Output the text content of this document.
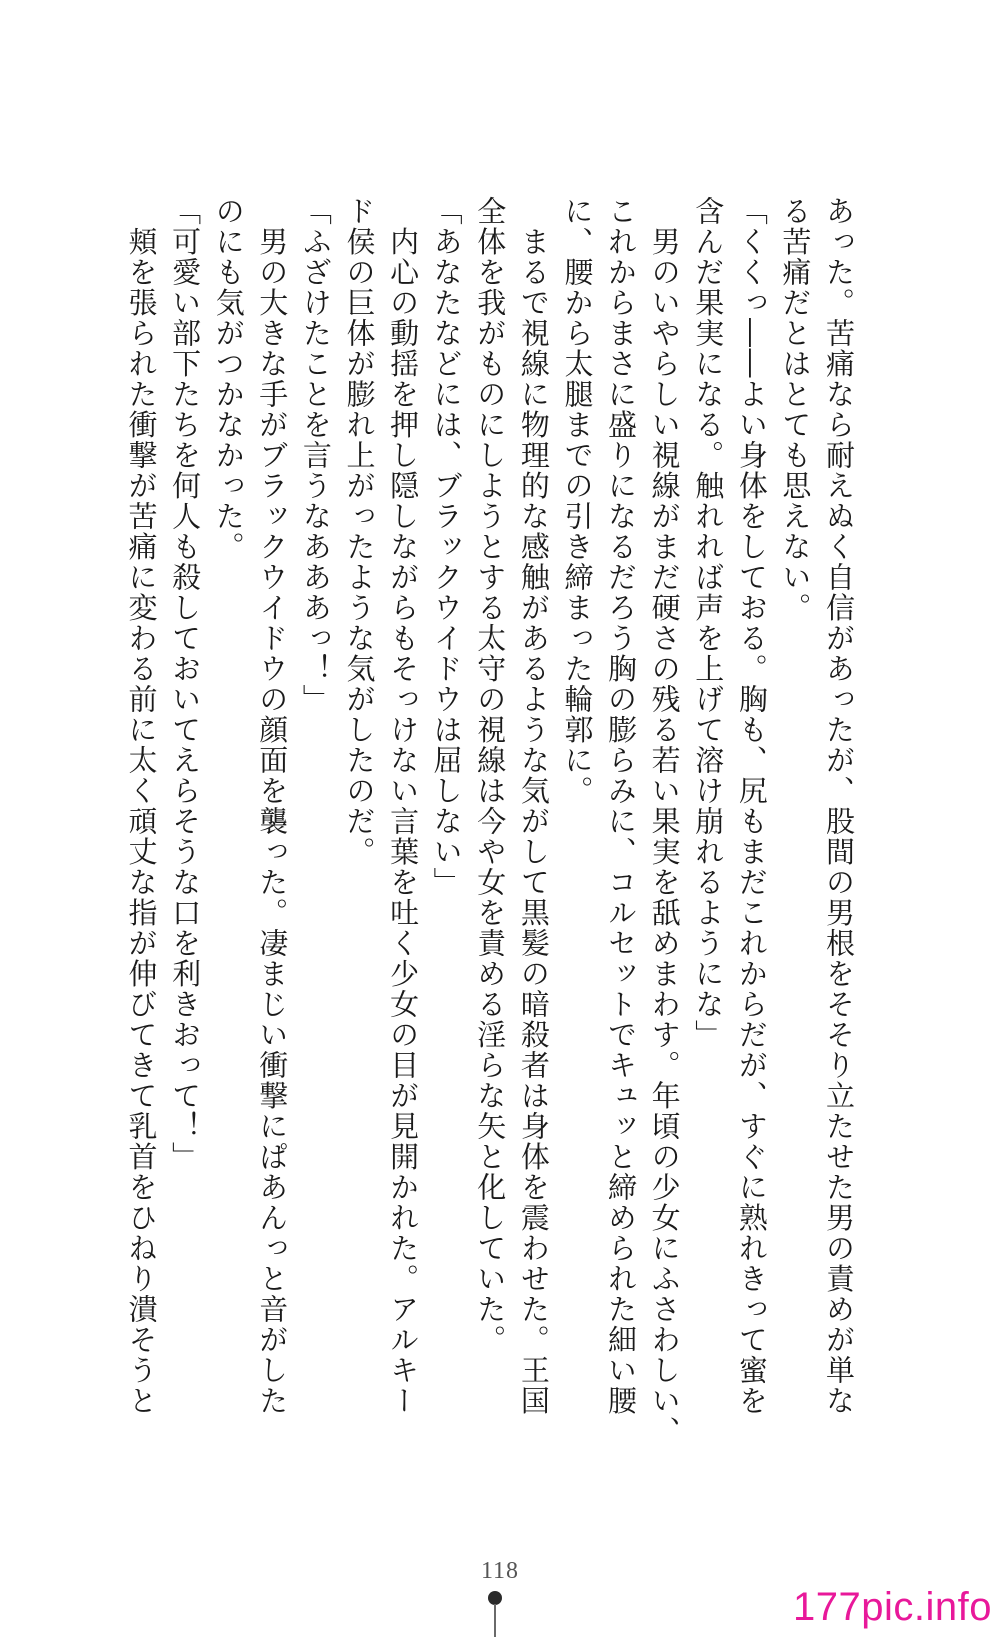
あった。苦痛なら耐えぬく自信があったが、股間の男根をそそり立たせた男の責めが単な

る苦痛だとはとても思えない。

「くくっ――よい身体をしておる。胸も、尻もまだこれからだが、すぐに熟れきって蜜を

含んだ果実になる。触れれば声を上げて溶け崩れるようにな」

　男のいやらしい視線がまだ硬さの残る若い果実を舐めまわす。年頃の少女にふさわしい、

これからまさに盛りになるだろう胸の膨らみに、コルセットでキュッと締められた細い腰

に、腰から太腿までの引き締まった輪郭に。

　まるで視線に物理的な感触があるような気がして黒髪の暗殺者は身体を震わせた。王国

全体を我がものにしようとする太守の視線は今や女を責める淫らな矢と化していた。

「あなたなどには、ブラックウイドウは屈しない」

　内心の動揺を押し隠しながらもそっけない言葉を吐く少女の目が見開かれた。アルキー

ド侯の巨体が膨れ上がったような気がしたのだ。

「ふざけたことを言うなあああっ！」

　男の大きな手がブラックウイドウの顔面を襲った。凄まじい衝撃にぱあんっと音がした

のにも気がつかなかった。

「可愛い部下たちを何人も殺しておいてえらそうな口を利きおって！」

　頬を張られた衝撃が苦痛に変わる前に太く頑丈な指が伸びてきて乳首をひねり潰そうと

118
177pic.info
